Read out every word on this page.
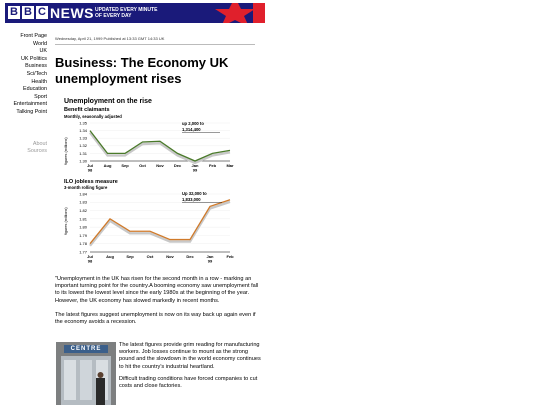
B B C NEWS UPDATED EVERY MINUTE OF EVERY DAY
Front Page
World
UK
UK Politics
Business
Sci/Tech
Health
Education
Sport
Entertainment
Talking Point
About
Sources
Wednesday, April 21, 1999 Published at 13:33 GMT 14:33 UK
Business: The Economy UK unemployment rises
Unemployment on the rise
Benefit claimants
Monthly, seasonally adjusted
figures (millions)
1.35
1.34
1.33
1.32
1.31
1.30
Jul
98
Aug Sep	Oct	Nov	Dec	Jan
99
Feb	Mar
up 2,000 to
1,314,400
ILO jobless measure
3-month rolling figure
figures (millions)
1.84
1.83
1.82
1.81
1.80
1.79
1.78
1.77
Jul
98
Aug	Sep	Oct	Nov	Dec	Jan
99
Feb
Up 32,000 to
1,833,000

"Unemployment in the UK has risen for the second month in a row - marking an important turning point for the country.A booming economy saw unemployment fall to its lowest the lowest level since the early 1980s at the beginning of the year. However, the UK economy has slowed markedly in recent months.

The latest figures suggest unemployment is now on its way back up again even if the economy avoids a recession.

CENTRE

The latest figures provide grim reading for manufacturing workers. Job losses continue to mount as the strong pound and the slowdown in the world economy continues to hit the country's industrial heartland.

Difficult trading conditions have forced companies to cut costs and close factories.
